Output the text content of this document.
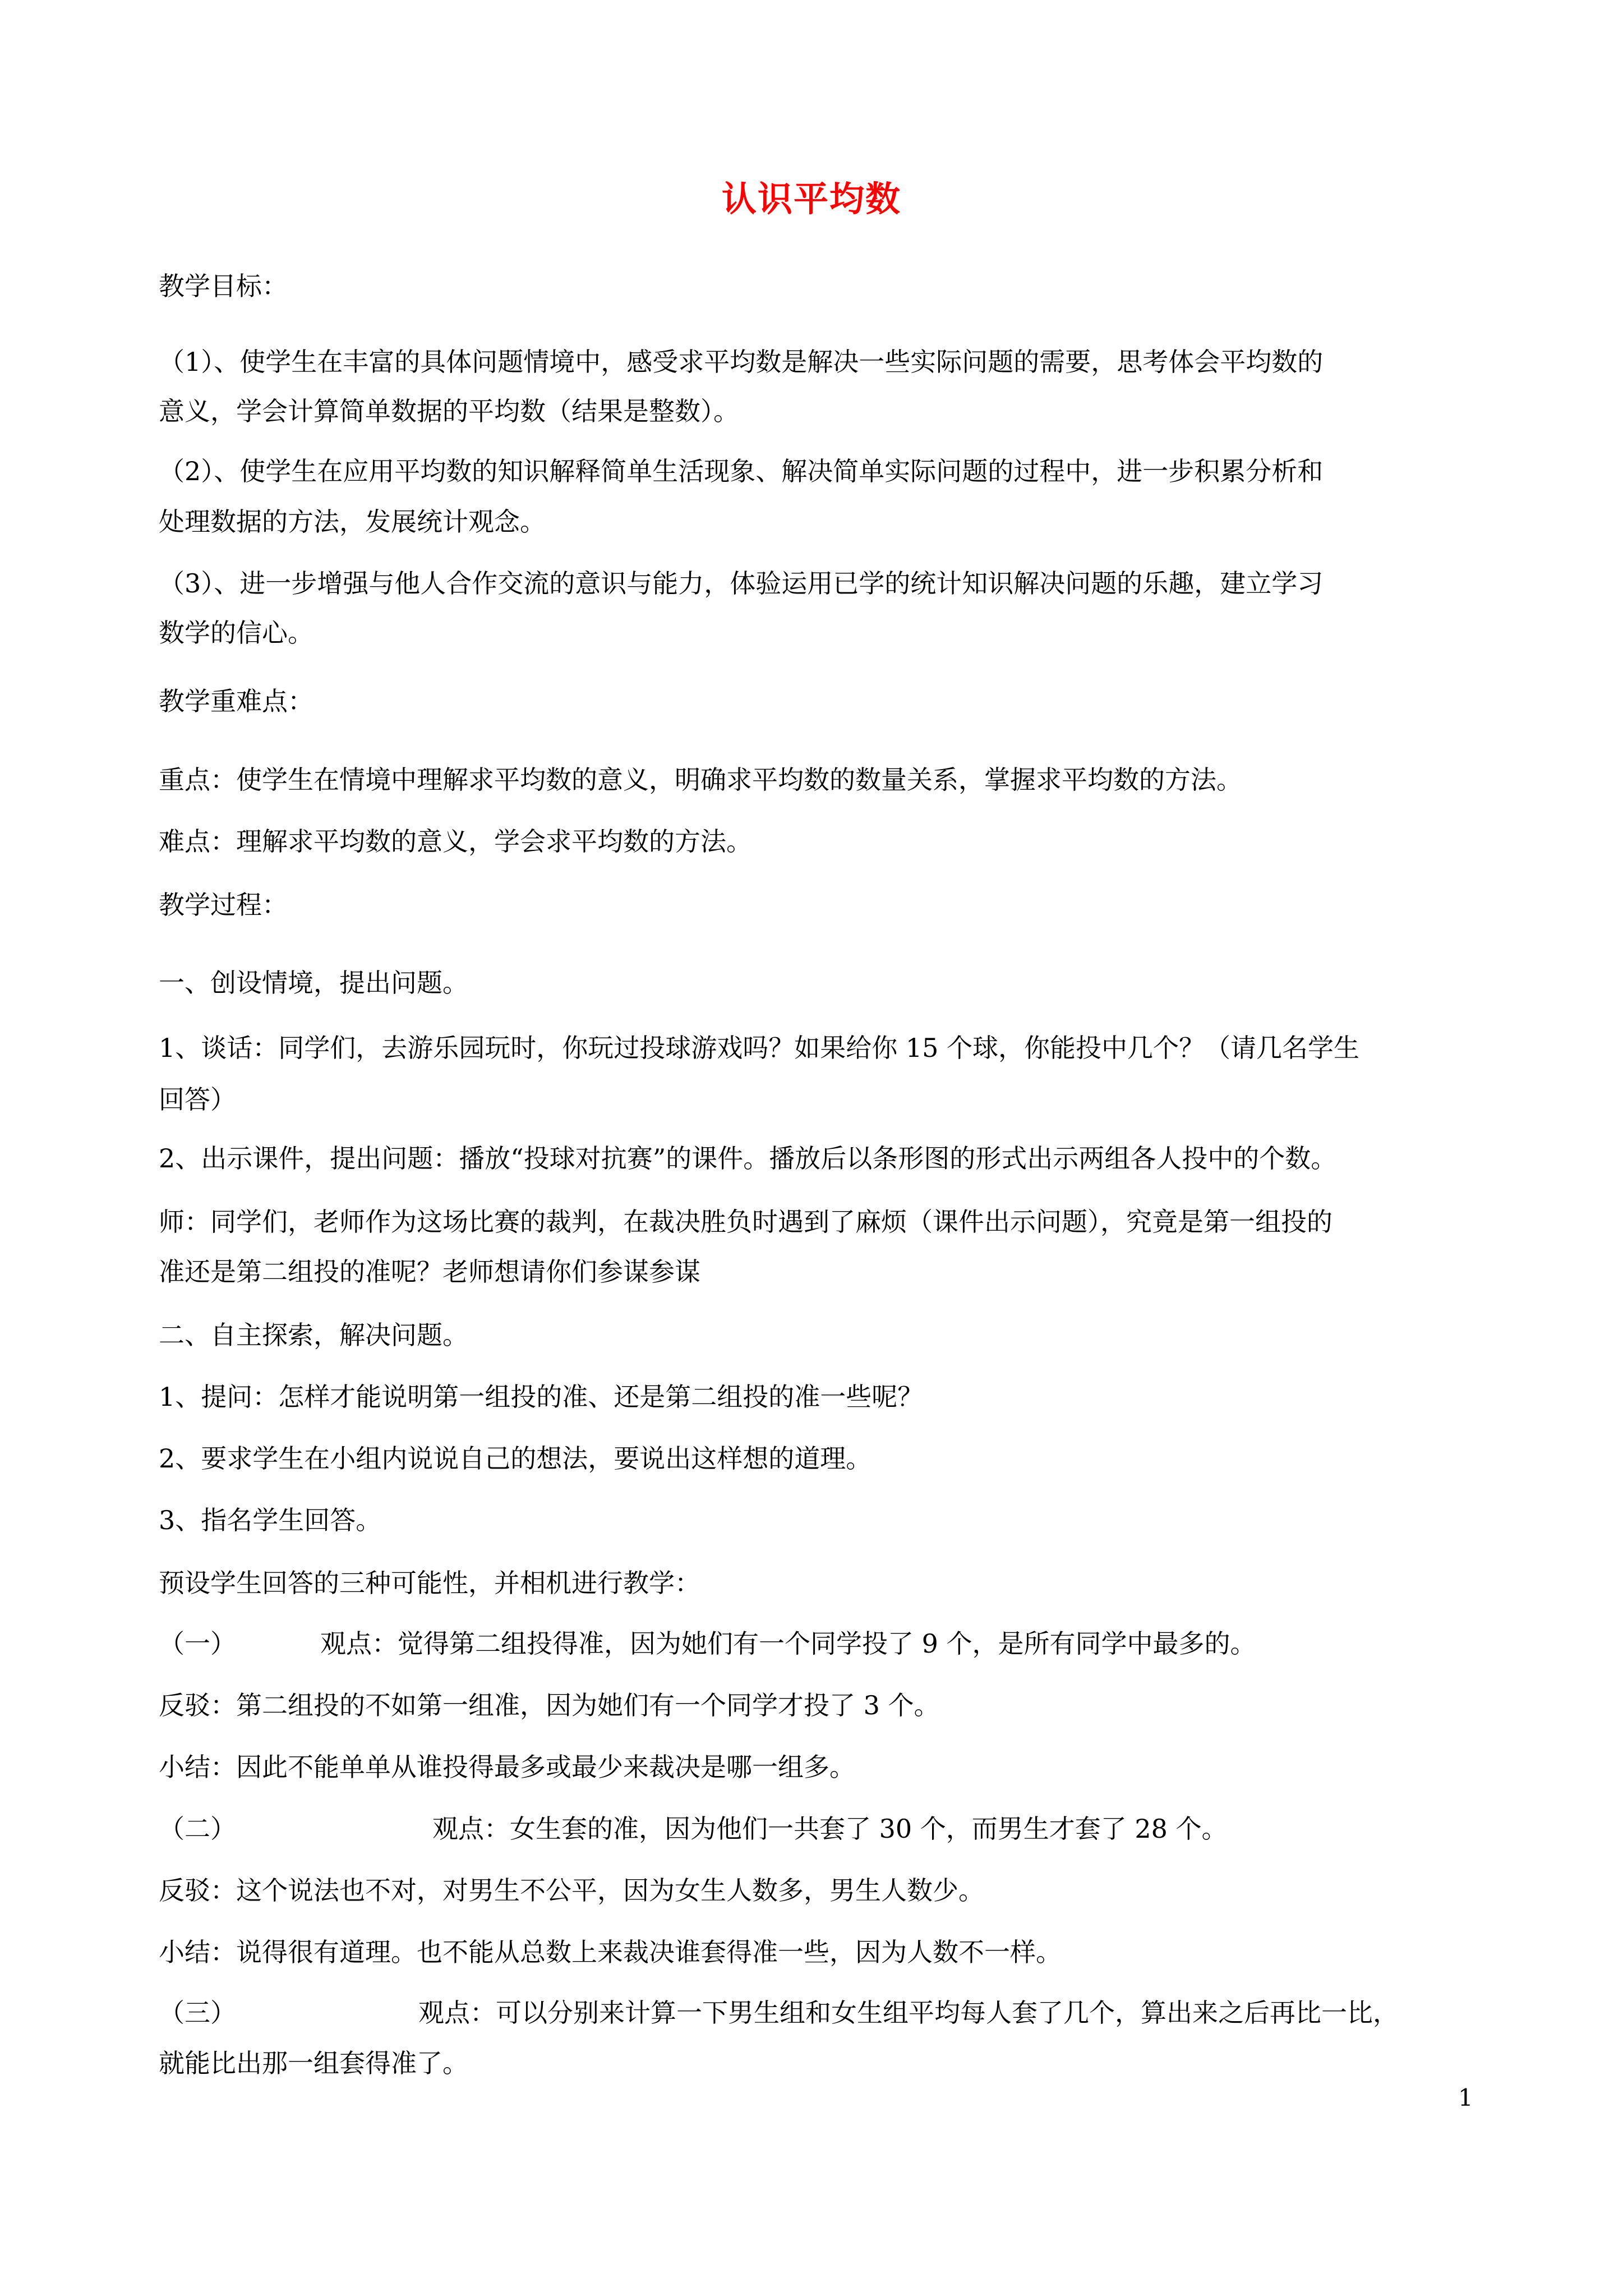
认识平均数
教学目标：
（1）、使学生在丰富的具体问题情境中，感受求平均数是解决一些实际问题的需要，思考体会平均数的
意义，学会计算简单数据的平均数（结果是整数）。
（2）、使学生在应用平均数的知识解释简单生活现象、解决简单实际问题的过程中，进一步积累分析和
处理数据的方法，发展统计观念。
（3）、进一步增强与他人合作交流的意识与能力，体验运用已学的统计知识解决问题的乐趣，建立学习
数学的信心。
教学重难点：
重点：使学生在情境中理解求平均数的意义，明确求平均数的数量关系，掌握求平均数的方法。
难点：理解求平均数的意义，学会求平均数的方法。
教学过程：
一、创设情境，提出问题。
1、谈话：同学们，去游乐园玩时，你玩过投球游戏吗？如果给你 15 个球，你能投中几个？（请几名学生
回答）
2、出示课件，提出问题：播放“投球对抗赛”的课件。播放后以条形图的形式出示两组各人投中的个数。
师：同学们，老师作为这场比赛的裁判，在裁决胜负时遇到了麻烦（课件出示问题），究竟是第一组投的
准还是第二组投的准呢？老师想请你们参谋参谋
二、自主探索，解决问题。
1、提问：怎样才能说明第一组投的准、还是第二组投的准一些呢？
2、要求学生在小组内说说自己的想法，要说出这样想的道理。
3、指名学生回答。
预设学生回答的三种可能性，并相机进行教学：
（一）	观点：觉得第二组投得准，因为她们有一个同学投了 9 个，是所有同学中最多的。
反驳：第二组投的不如第一组准，因为她们有一个同学才投了 3 个。
小结：因此不能单单从谁投得最多或最少来裁决是哪一组多。
（二）	观点：女生套的准，因为他们一共套了 30 个，而男生才套了 28 个。
反驳：这个说法也不对，对男生不公平，因为女生人数多，男生人数少。
小结：说得很有道理。也不能从总数上来裁决谁套得准一些，因为人数不一样。
（三）	观点：可以分别来计算一下男生组和女生组平均每人套了几个，算出来之后再比一比，
就能比出那一组套得准了。
1
